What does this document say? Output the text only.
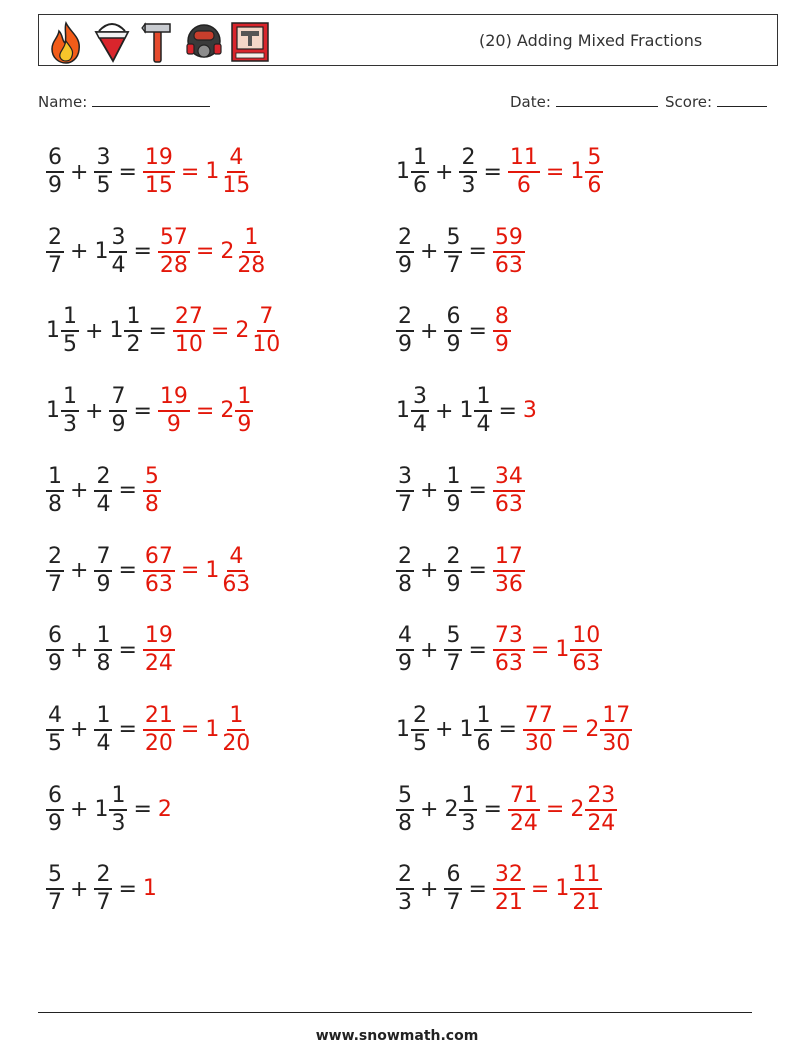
(20) Adding Mixed Fractions
Name:	Date:	Score:
$\frac{6}{9} + \frac{3}{5} = \frac{19}{15} = 1 \frac{4}{15}$	$1 \frac{1}{6} + \frac{2}{3} = \frac{11}{6} = 1 \frac{5}{6}$
$\frac{2}{7} + 1 \frac{3}{4} = \frac{57}{28} = 2 \frac{1}{28}$	$\frac{2}{9} + \frac{5}{7} = \frac{59}{63}$
$1 \frac{1}{5} + 1 \frac{1}{2} = \frac{27}{10} = 2 \frac{7}{10}$	$\frac{2}{9} + \frac{6}{9} = \frac{8}{9}$
$1 \frac{1}{3} + \frac{7}{9} = \frac{19}{9} = 2 \frac{1}{9}$	$1 \frac{3}{4} + 1 \frac{1}{4} = 3$
$\frac{1}{8} + \frac{2}{4} = \frac{5}{8}$	$\frac{3}{7} + \frac{1}{9} = \frac{34}{63}$
$\frac{2}{7} + \frac{7}{9} = \frac{67}{63} = 1 \frac{4}{63}$	$\frac{2}{8} + \frac{2}{9} = \frac{17}{36}$
$\frac{6}{9} + \frac{1}{8} = \frac{19}{24}$	$\frac{4}{9} + \frac{5}{7} = \frac{73}{63} = 1 \frac{10}{63}$
$\frac{4}{5} + \frac{1}{4} = \frac{21}{20} = 1 \frac{1}{20}$	$1 \frac{2}{5} + 1 \frac{1}{6} = \frac{77}{30} = 2 \frac{17}{30}$
$\frac{6}{9} + 1 \frac{1}{3} = 2$	$\frac{5}{8} + 2 \frac{1}{3} = \frac{71}{24} = 2 \frac{23}{24}$
$\frac{5}{7} + \frac{2}{7} = 1$	$\frac{2}{3} + \frac{6}{7} = \frac{32}{21} = 1 \frac{11}{21}$
www.snowmath.com
